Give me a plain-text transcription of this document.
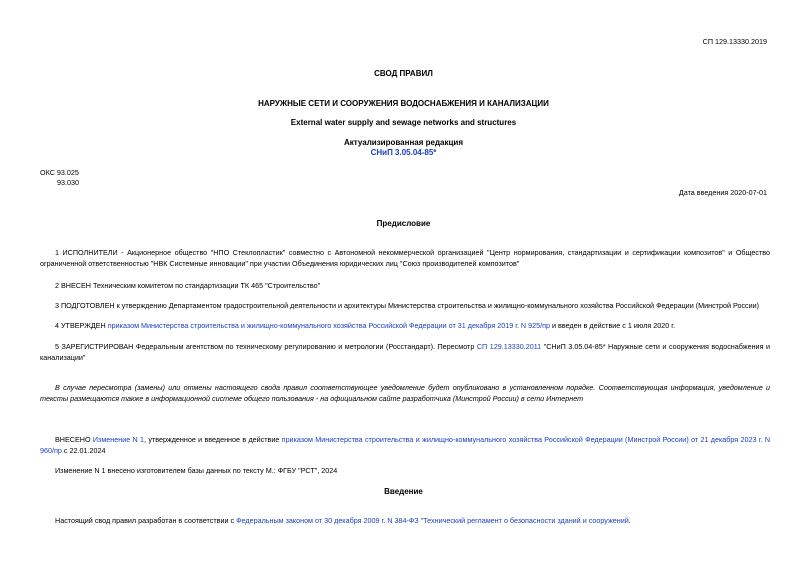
СП 129.13330.2019
СВОД ПРАВИЛ
НАРУЖНЫЕ СЕТИ И СООРУЖЕНИЯ ВОДОСНАБЖЕНИЯ И КАНАЛИЗАЦИИ
External water supply and sewage networks and structures
Актуализированная редакция
СНиП 3.05.04-85*
ОКС 93.025
93.030
Дата введения 2020-07-01
Предисловие
1 ИСПОЛНИТЕЛИ - Акционерное общество "НПО Стеклопластик" совместно с Автономной некоммерческой организацией "Центр нормирования, стандартизации и сертификации композитов" и Общество ограниченной ответственностью "НВК Системные инновации" при участии Объединения юридических лиц "Союз производителей композитов"
2 ВНЕСЕН Техническим комитетом по стандартизации ТК 465 "Строительство"
3 ПОДГОТОВЛЕН к утверждению Департаментом градостроительной деятельности и архитектуры Министерства строительства и жилищно-коммунального хозяйства Российской Федерации (Минстрой России)
4 УТВЕРЖДЕН приказом Министерства строительства и жилищно-коммунального хозяйства Российской Федерации от 31 декабря 2019 г. N 925/пр и введен в действие с 1 июля 2020 г.
5 ЗАРЕГИСТРИРОВАН Федеральным агентством по техническому регулированию и метрологии (Росстандарт). Пересмотр СП 129.13330.2011 "СНиП 3.05.04-85* Наружные сети и сооружения водоснабжения и канализации"
В случае пересмотра (замены) или отмены настоящего свода правил соответствующее уведомление будет опубликовано в установленном порядке. Соответствующая информация, уведомление и тексты размещаются также в информационной системе общего пользования - на официальном сайте разработчика (Минстрой России) в сети Интернет
ВНЕСЕНО Изменение N 1, утвержденное и введенное в действие приказом Министерства строительства и жилищно-коммунального хозяйства Российской Федерации (Минстрой России) от 21 декабря 2023 г. N 960/пр с 22.01.2024
Изменение N 1 внесено изготовителем базы данных по тексту М.: ФГБУ "РСТ", 2024
Введение
Настоящий свод правил разработан в соответствии с Федеральным законом от 30 декабря 2009 г. N 384-ФЗ "Технический регламент о безопасности зданий и сооружений.
